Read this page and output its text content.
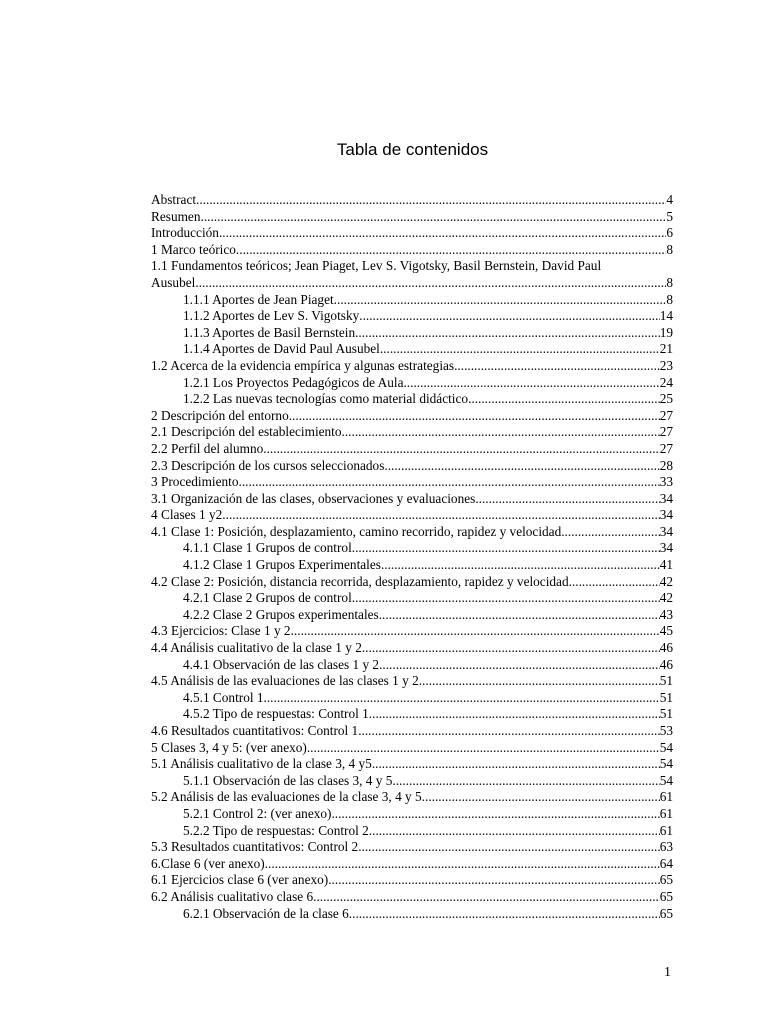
Tabla de contenidos
Abstract .....	4
Resumen .....	5
Introducción .....	6
1 Marco teórico .....	8
1.1 Fundamentos teóricos; Jean Piaget, Lev S. Vigotsky, Basil Bernstein, David Paul
Ausubel .....	8
1.1.1 Aportes de Jean Piaget .....	8
1.1.2 Aportes de Lev S. Vigotsky .....	14
1.1.3 Aportes de Basil Bernstein .....	19
1.1.4 Aportes de David Paul Ausubel .....	21
1.2 Acerca de la evidencia empírica y algunas estrategias .....	23
1.2.1 Los Proyectos Pedagógicos de Aula .....	24
1.2.2 Las nuevas tecnologías como material didáctico .....	25
2 Descripción del entorno .....	27
2.1 Descripción del establecimiento .....	27
2.2 Perfil del alumno .....	27
2.3 Descripción de los cursos seleccionados .....	28
3 Procedimiento .....	33
3.1 Organización de las clases, observaciones y evaluaciones .....	34
4 Clases 1 y2 .....	34
4.1 Clase 1: Posición, desplazamiento, camino recorrido, rapidez y velocidad .....	34
4.1.1 Clase 1 Grupos de control .....	34
4.1.2 Clase 1 Grupos Experimentales .....	41
4.2 Clase 2: Posición, distancia recorrida, desplazamiento, rapidez y velocidad .....	42
4.2.1 Clase 2 Grupos de control .....	42
4.2.2 Clase 2 Grupos experimentales .....	43
4.3 Ejercicios: Clase 1 y 2 .....	45
4.4 Análisis cualitativo de la clase 1 y 2 .....	46
4.4.1 Observación de las clases 1 y 2 .....	46
4.5 Análisis de las evaluaciones de las clases 1 y 2 .....	51
4.5.1 Control 1 .....	51
4.5.2 Tipo de respuestas: Control 1 .....	51
4.6 Resultados cuantitativos: Control 1 .....	53
5 Clases 3, 4 y 5: (ver anexo) .....	54
5.1 Análisis cualitativo de la clase 3, 4 y5 .....	54
5.1.1 Observación de las clases 3, 4 y 5 .....	54
5.2 Análisis de las evaluaciones de la clase 3, 4 y 5 .....	61
5.2.1 Control 2: (ver anexo) .....	61
5.2.2 Tipo de respuestas: Control 2 .....	61
5.3 Resultados cuantitativos: Control 2 .....	63
6.Clase 6 (ver anexo) .....	64
6.1 Ejercicios clase 6 (ver anexo) .....	65
6.2 Análisis cualitativo clase 6 .....	65
6.2.1 Observación de la clase 6 .....	65
1
